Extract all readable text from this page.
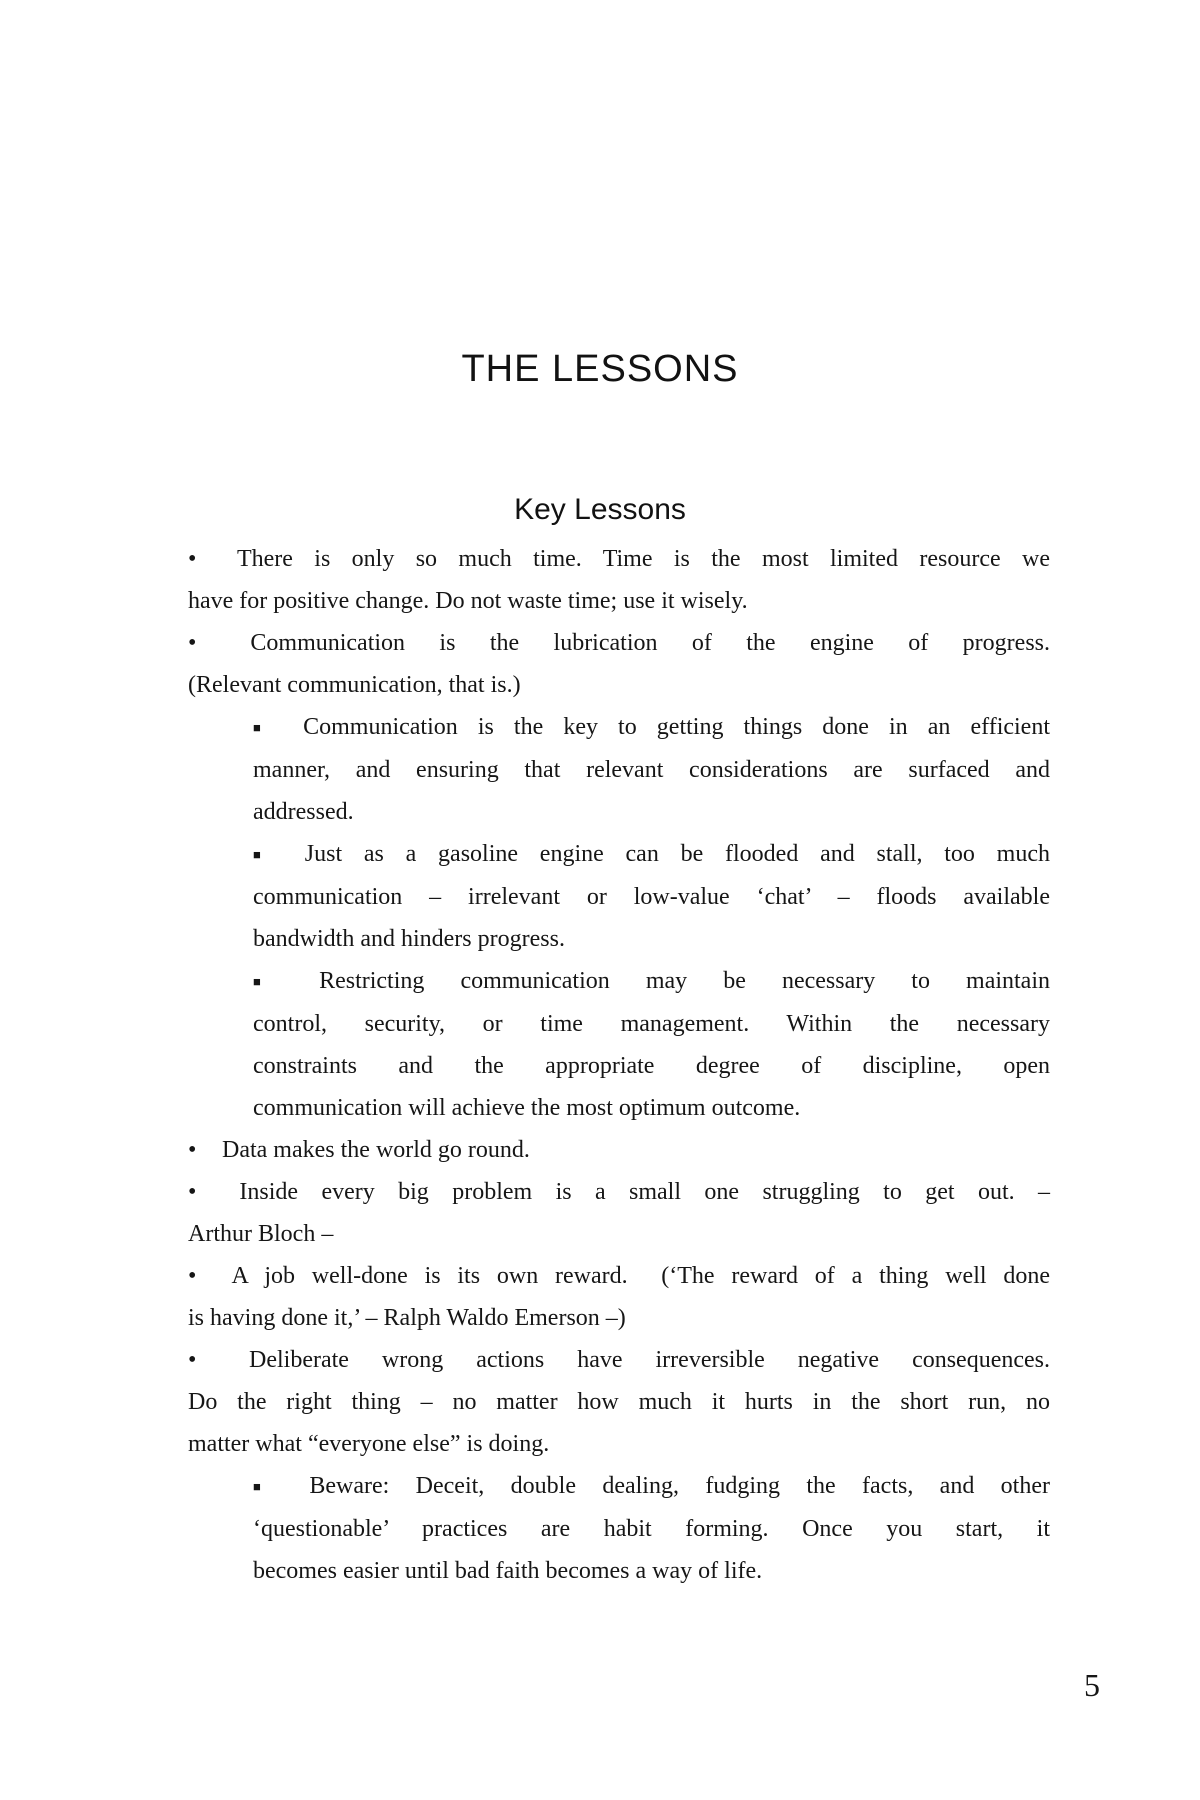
THE LESSONS
Key Lessons
• There is only so much time. Time is the most limited resource we
have for positive change. Do not waste time; use it wisely.
• Communication is the lubrication of the engine of progress.
(Relevant communication, that is.)
■ Communication is the key to getting things done in an efficient
manner, and ensuring that relevant considerations are surfaced and
addressed.
■ Just as a gasoline engine can be flooded and stall, too much
communication – irrelevant or low-value ‘chat’ – floods available
bandwidth and hinders progress.
■ Restricting communication may be necessary to maintain
control, security, or time management. Within the necessary
constraints and the appropriate degree of discipline, open
communication will achieve the most optimum outcome.
• Data makes the world go round.
• Inside every big problem is a small one struggling to get out. –
Arthur Bloch –
• A job well-done is its own reward.  (‘The reward of a thing well done
is having done it,’ – Ralph Waldo Emerson –)
• Deliberate wrong actions have irreversible negative consequences.
Do the right thing – no matter how much it hurts in the short run, no
matter what “everyone else” is doing.
■ Beware: Deceit, double dealing, fudging the facts, and other
‘questionable’ practices are habit forming. Once you start, it
becomes easier until bad faith becomes a way of life.
5
